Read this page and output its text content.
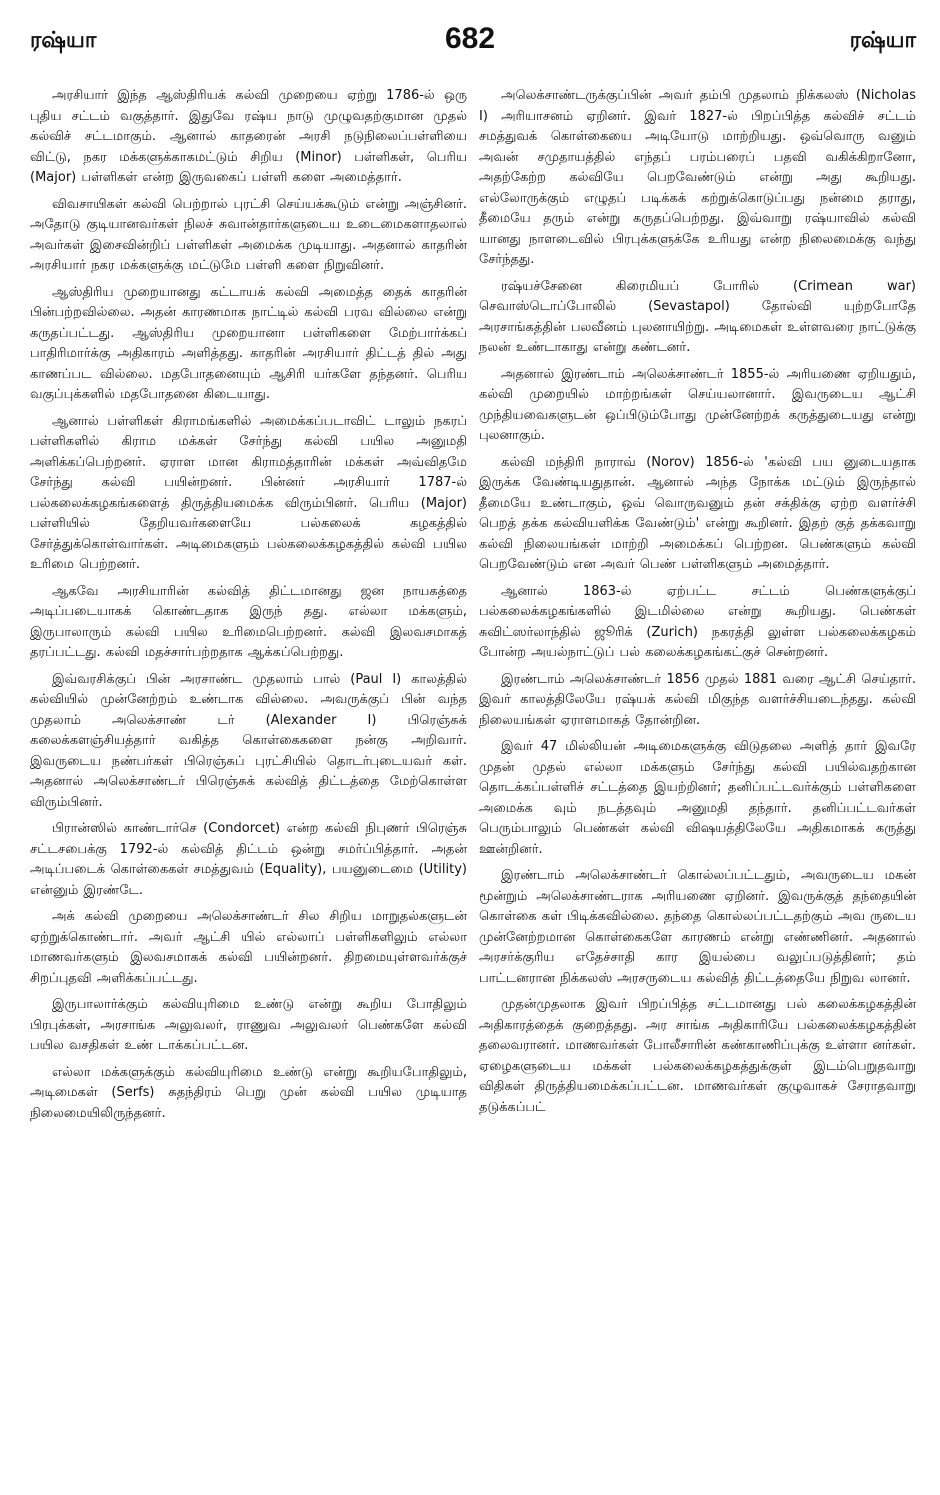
ரஷ்யா	682	ரஷ்யா

அரசியார் இந்த ஆஸ்திரியக் கல்வி முறையை ஏற்று 1786-ல் ஒரு புதிய சட்டம் வகுத்தார். இதுவே ரஷ்ய நாடு முழுவதற்குமான முதல் கல்விச் சட்டமாகும். ஆனால் காதரைன் அரசி நடுநிலைப்பள்ளியை விட்டு, நகர மக்களுக்காகமட்டும் சிறிய (Minor) பள்ளிகள், பெரிய (Major) பள்ளிகள் என்ற இருவகைப் பள்ளி களை அமைத்தார்.

விவசாயிகள் கல்வி பெற்றால் புரட்சி செய்யக்கூடும் என்று அஞ்சினர். அதோடு குடியானவர்கள் நிலச் சுவான்தார்களுடைய உடைமைகளாதலால் அவர்கள் இசைவின்றிப் பள்ளிகள் அமைக்க முடியாது. அதனால் காதரின் அரசியார் நகர மக்களுக்கு மட்டுமே பள்ளி களை நிறுவினர்.

ஆஸ்திரிய முறையானது கட்டாயக் கல்வி அமைத்த தைக் காதரின் பின்பற்றவில்லை. அதன் காரணமாக நாட்டில் கல்வி பரவ வில்லை என்று கருதப்பட்டது. ஆஸ்திரிய முறையானா பள்ளிகளை மேற்பார்க்கப் பாதிரிமார்க்கு அதிகாரம் அளித்தது. காதரின் அரசியார் திட்டத் தில் அது காணப்பட வில்லை. மதபோதனையும் ஆசிரி யர்களே தந்தனர். பெரிய வகுப்புக்களில் மதபோதனை கிடையாது.

ஆனால் பள்ளிகள் கிராமங்களில் அமைக்கப்படாவிட் டாலும் நகரப் பள்ளிகளில் கிராம மக்கள் சேர்ந்து கல்வி பயில அனுமதி அளிக்கப்பெற்றனர். ஏராள மான கிராமத்தாரின் மக்கள் அவ்விதமே சேர்ந்து கல்வி பயின்றனர். பின்னர் அரசியார் 1787-ல் பல்கலைக்கழகங்களைத் திருத்தியமைக்க விரும்பினர். பெரிய (Major) பள்ளியில் தேறியவர்களையே பல்கலைக் கழகத்தில் சேர்த்துக்கொள்வார்கள். அடிமைகளும் பல்கலைக்கழகத்தில் கல்வி பயில உரிமை பெற்றனர்.

ஆகவே அரசியாரின் கல்வித் திட்டமானது ஜன நாயகத்தை அடிப்படையாகக் கொண்டதாக இருந் தது. எல்லா மக்களும், இருபாலாரும் கல்வி பயில உரிமைபெற்றனர். கல்வி இலவசமாகத் தரப்பட்டது. கல்வி மதச்சார்பற்றதாக ஆக்கப்பெற்றது.

இவ்வரசிக்குப் பின் அரசாண்ட முதலாம் பால் (Paul I) காலத்தில் கல்வியில் முன்னேற்றம் உண்டாக வில்லை. அவருக்குப் பின் வந்த முதலாம் அலெக்சாண் டர் (Alexander I) பிரெஞ்சுக் கலைக்களஞ்சியத்தார் வகித்த கொள்கைகளை நன்கு அறிவார். இவருடைய நண்பர்கள் பிரெஞ்சுப் புரட்சியில் தொடர்புடையவர் கள். அதனால் அலெக்சாண்டர் பிரெஞ்சுக் கல்வித் திட்டத்தை மேற்கொள்ள விரும்பினர்.

பிரான்ஸில் காண்டார்செ (Condorcet) என்ற கல்வி நிபுணர் பிரெஞ்சு சட்டசபைக்கு 1792-ல் கல்வித் திட்டம் ஒன்று சமர்ப்பித்தார். அதன் அடிப்படைக் கொள்கைகள் சமத்துவம் (Equality), பயனுடைமை (Utility) என்னும் இரண்டே.

அக் கல்வி முறையை அலெக்சாண்டர் சில சிறிய மாறுதல்களுடன் ஏற்றுக்கொண்டார். அவர் ஆட்சி யில் எல்லாப் பள்ளிகளிலும் எல்லா மாணவர்களும் இலவசமாகக் கல்வி பயின்றனர். திறமையுள்ளவர்க்குச் சிறப்புதவி அளிக்கப்பட்டது.

இருபாலார்க்கும் கல்வியுரிமை உண்டு என்று கூறிய போதிலும் பிரபுக்கள், அரசாங்க அலுவலர், ராணுவ அலுவலர் பெண்களே கல்வி பயில வசதிகள் உண் டாக்கப்பட்டன.

எல்லா மக்களுக்கும் கல்வியுரிமை உண்டு என்று கூறியபோதிலும், அடிமைகள் (Serfs) சுதந்திரம் பெறு முன் கல்வி பயில முடியாத நிலைமையிலிருந்தனர்.

அலெக்சாண்டருக்குப்பின் அவர் தம்பி முதலாம் நிக்கலஸ் (Nicholas I) அரியாசனம் ஏறினர். இவர் 1827-ல் பிறப்பித்த கல்விச் சட்டம் சமத்துவக் கொள்கையை அடியோடு மாற்றியது. ஒவ்வொரு வனும் அவன் சமுதாயத்தில் எந்தப் பரம்பரைப் பதவி வகிக்கிறானோ, அதற்கேற்ற கல்வியே பெறவேண்டும் என்று அது கூறியது. எல்லோருக்கும் எழுதப் படிக்கக் கற்றுக்கொடுப்பது நன்மை தராது, தீமையே தரும் என்று கருதப்பெற்றது. இவ்வாறு ரஷ்யாவில் கல்வி யானது நாளடைவில் பிரபுக்களுக்கே உரியது என்ற நிலைமைக்கு வந்து சேர்ந்தது.

ரஷ்யச்சேனை கிரைமியப் போரில் (Crimean war) செவாஸ்டொப்போலில் (Sevastapol) தோல்வி யுற்றபோதே அரசாங்கத்தின் பலவீனம் புலனாயிற்று. அடிமைகள் உள்ளவரை நாட்டுக்கு நலன் உண்டாகாது என்று கண்டனர்.

அதனால் இரண்டாம் அலெக்சாண்டர் 1855-ல் அரியணை ஏறியதும், கல்வி முறையில் மாற்றங்கள் செய்யலானார். இவருடைய ஆட்சி முந்தியவைகளுடன் ஒப்பிடும்போது முன்னேற்றக் கருத்துடையது என்று புலனாகும்.

கல்வி மந்திரி நாராவ் (Norov) 1856-ல் 'கல்வி பய னுடையதாக இருக்க வேண்டியதுதான். ஆனால் அந்த நோக்க மட்டும் இருந்தால் தீமையே உண்டாகும், ஒவ் வொருவனும் தன் சக்திக்கு ஏற்ற வளர்ச்சி பெறத் தக்க கல்வியளிக்க வேண்டும்' என்று கூறினர். இதற் குத் தக்கவாறு கல்வி நிலையங்கள் மாற்றி அமைக்கப் பெற்றன. பெண்களும் கல்வி பெறவேண்டும் என அவர் பெண் பள்ளிகளும் அமைத்தார்.

ஆனால் 1863-ல் ஏற்பட்ட சட்டம் பெண்களுக்குப் பல்கலைக்கழகங்களில் இடமில்லை என்று கூறியது. பெண்கள் சுவிட்ஸர்லாந்தில் ஜூரிக் (Zurich) நகரத்தி லுள்ள பல்கலைக்கழகம் போன்ற அயல்நாட்டுப் பல் கலைக்கழகங்கட்குச் சென்றனர்.

இரண்டாம் அலெக்சாண்டர் 1856 முதல் 1881 வரை ஆட்சி செய்தார். இவர் காலத்திலேயே ரஷ்யக் கல்வி மிகுந்த வளர்ச்சியடைந்தது. கல்வி நிலையங்கள் ஏராளமாகத் தோன்றின.

இவர் 47 மில்லியன் அடிமைகளுக்கு விடுதலை அளித் தார் இவரே முதன் முதல் எல்லா மக்களும் சேர்ந்து கல்வி பயில்வதற்கான தொடக்கப்பள்ளிச் சட்டத்தை இயற்றினர்; தனிப்பட்டவர்க்கும் பள்ளிகளை அமைக்க வும் நடத்தவும் அனுமதி தந்தார். தனிப்பட்டவர்கள் பெரும்பாலும் பெண்கள் கல்வி விஷயத்திலேயே அதிகமாகக் கருத்து ஊன்றினர்.

இரண்டாம் அலெக்சாண்டர் கொல்லப்பட்டதும், அவருடைய மகன் மூன்றும் அலெக்சாண்டராக அரியணை ஏறினர். இவருக்குத் தந்தையின் கொள்கை கள் பிடிக்கவில்லை. தந்தை கொல்லப்பட்டதற்கும் அவ ருடைய முன்னேற்றமான கொள்கைகளே காரணம் என்று எண்ணினர். அதனால் அரசர்க்குரிய எதேச்சாதி கார இயல்பை வலுப்படுத்தினர்; தம் பாட்டனரான நிக்கலஸ் அரசருடைய கல்வித் திட்டத்தையே நிறுவ லானர்.

முதன்முதலாக இவர் பிறப்பித்த சட்டமானது பல் கலைக்கழகத்தின் அதிகாரத்தைக் குறைத்தது. அர சாங்க அதிகாரியே பல்கலைக்கழகத்தின் தலைவரானர். மாணவர்கள் போலீசாரின் கண்காணிப்புக்கு உள்ளா னர்கள். ஏழைகளுடைய மக்கள் பல்கலைக்கழகத்துக்குள் இடம்பெறுதவாறு விதிகள் திருத்தியமைக்கப்பட்டன. மாணவர்கள் குழுவாகச் சேராதவாறு தடுக்கப்பட்
